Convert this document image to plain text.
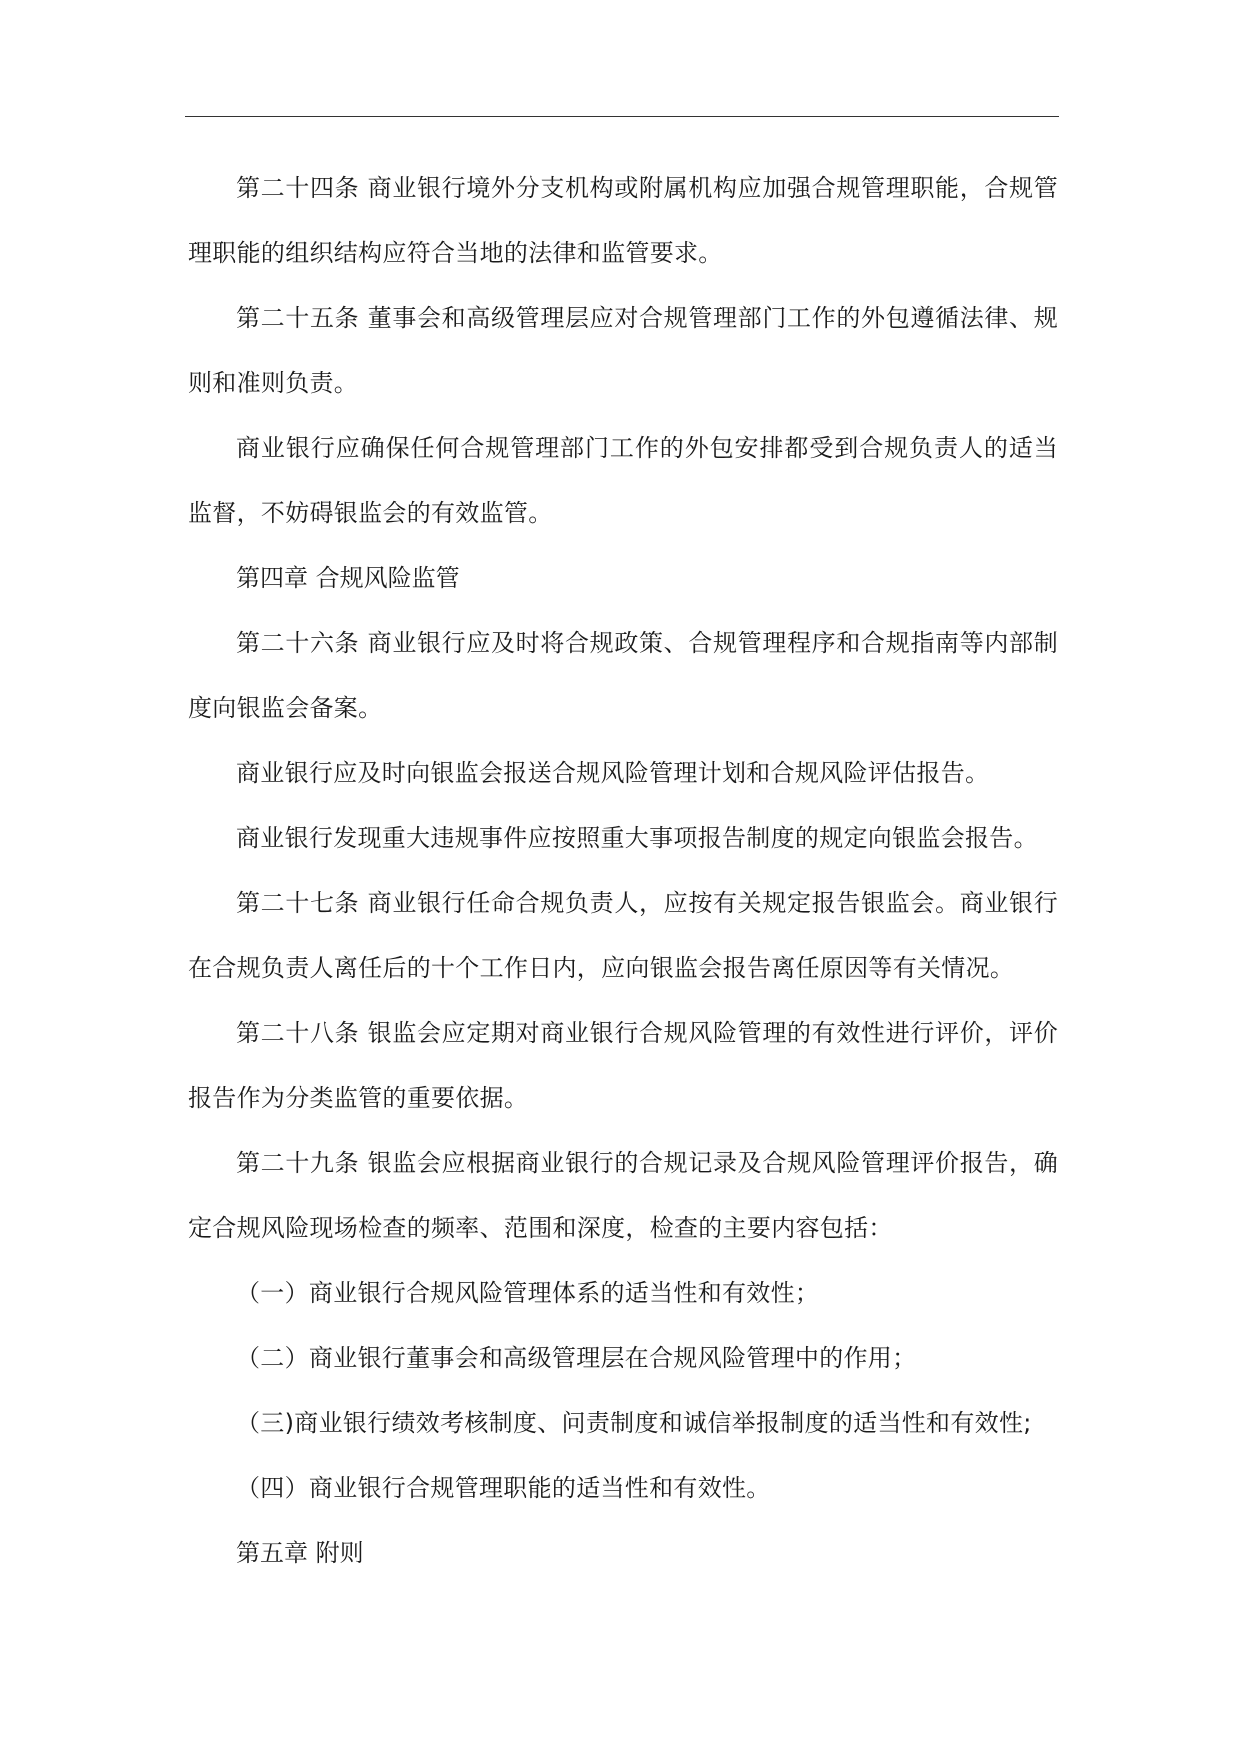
第二十四条 商业银行境外分支机构或附属机构应加强合规管理职能，合规管理职能的组织结构应符合当地的法律和监管要求。

第二十五条 董事会和高级管理层应对合规管理部门工作的外包遵循法律、规则和准则负责。

商业银行应确保任何合规管理部门工作的外包安排都受到合规负责人的适当监督，不妨碍银监会的有效监管。

第四章 合规风险监管

第二十六条 商业银行应及时将合规政策、合规管理程序和合规指南等内部制度向银监会备案。

商业银行应及时向银监会报送合规风险管理计划和合规风险评估报告。

商业银行发现重大违规事件应按照重大事项报告制度的规定向银监会报告。

第二十七条 商业银行任命合规负责人，应按有关规定报告银监会。商业银行在合规负责人离任后的十个工作日内，应向银监会报告离任原因等有关情况。

第二十八条 银监会应定期对商业银行合规风险管理的有效性进行评价，评价报告作为分类监管的重要依据。

第二十九条 银监会应根据商业银行的合规记录及合规风险管理评价报告，确定合规风险现场检查的频率、范围和深度，检查的主要内容包括：

（一）商业银行合规风险管理体系的适当性和有效性；

（二）商业银行董事会和高级管理层在合规风险管理中的作用；

（三)商业银行绩效考核制度、问责制度和诚信举报制度的适当性和有效性;

（四）商业银行合规管理职能的适当性和有效性。

第五章 附则
